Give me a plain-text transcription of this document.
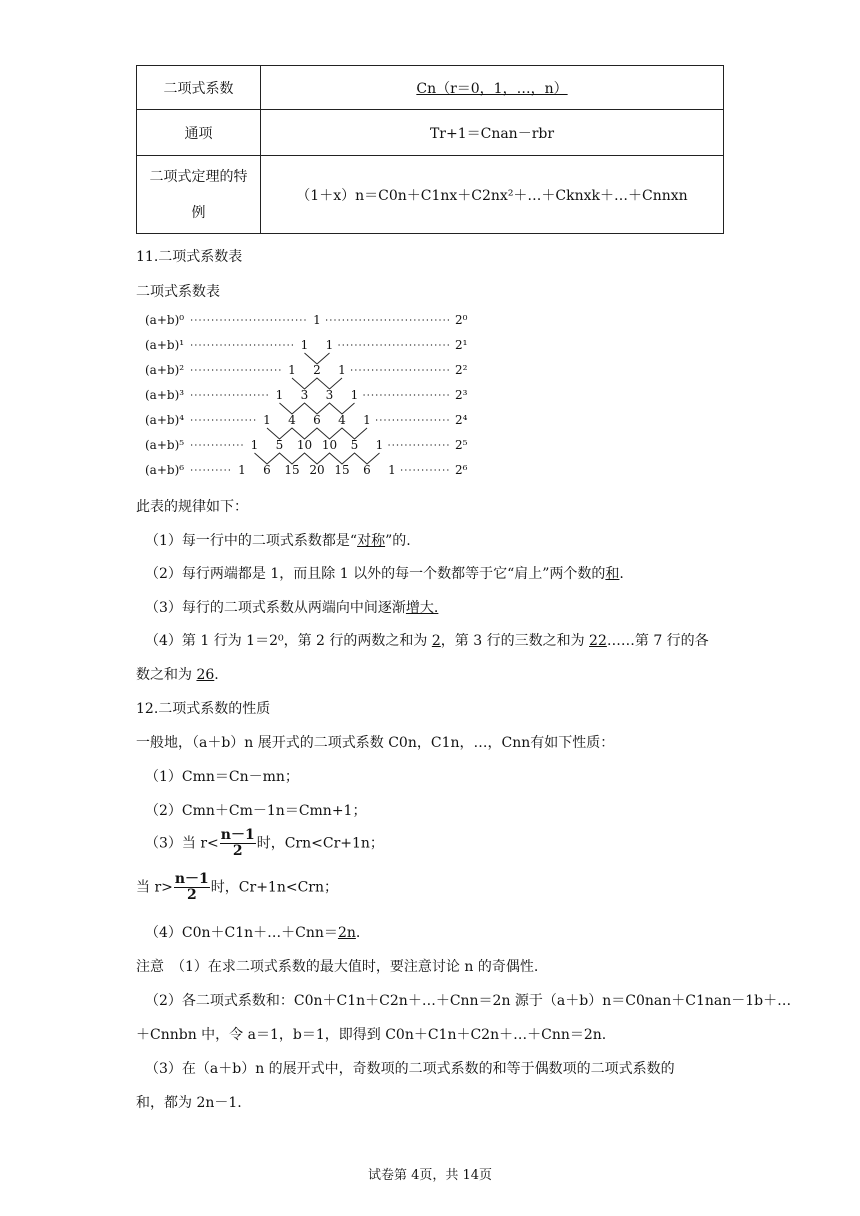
二项式系数	Cn（r＝0，1，…，n）
通项	Tr+1＝Cnan－rbr

二项式定理的特例	（1＋x）n＝C0n＋C1nx＋C2nx²＋…＋Cknxk＋…＋Cnnxn
11.二项式系数表
二项式系数表
(a+b)⁰	1	2⁰
(a+b)¹	1 1	2¹
(a+b)²	1 2 1	2²
(a+b)³	1 3 3 1	2³
(a+b)⁴	1 4 6 4 1	2⁴
(a+b)⁵	1 5 10 10 5 1	2⁵
(a+b)⁶	1 6 15 20 15 6 1	2⁶
此表的规律如下：
（1）每一行中的二项式系数都是“对称”的.
（2）每行两端都是 1，而且除 1 以外的每一个数都等于它“肩上”两个数的和.
（3）每行的二项式系数从两端向中间逐渐增大.
（4）第 1 行为 1＝2⁰，第 2 行的两数之和为 2，第 3 行的三数之和为 22……第 7 行的各
数之和为 26.
12.二项式系数的性质
一般地，（a＋b）n 展开式的二项式系数 C0n，C1n，…，Cnn有如下性质：
（1）Cmn＝Cn－mn；
（2）Cmn＋Cm－1n＝Cmn+1；
（3）当 $r< \frac{n-1}{2}$ 时，Crn<Cr+1n；
当 $r> \frac{n-1}{2}$ 时，Cr+1n<Crn；
（4）C0n＋C1n＋…＋Cnn＝2n.
注意　（1）在求二项式系数的最大值时，要注意讨论 n 的奇偶性.
（2）各二项式系数和：C0n＋C1n＋C2n＋…＋Cnn＝2n 源于（a＋b）n＝C0nan＋C1nan－1b＋…
＋Cnnbn 中，令 a＝1，b＝1，即得到 C0n＋C1n＋C2n＋…＋Cnn＝2n.
（3）在（a＋b）n 的展开式中，奇数项的二项式系数的和等于偶数项的二项式系数的
和，都为 2n－1.
试卷第 4页，共 14页
